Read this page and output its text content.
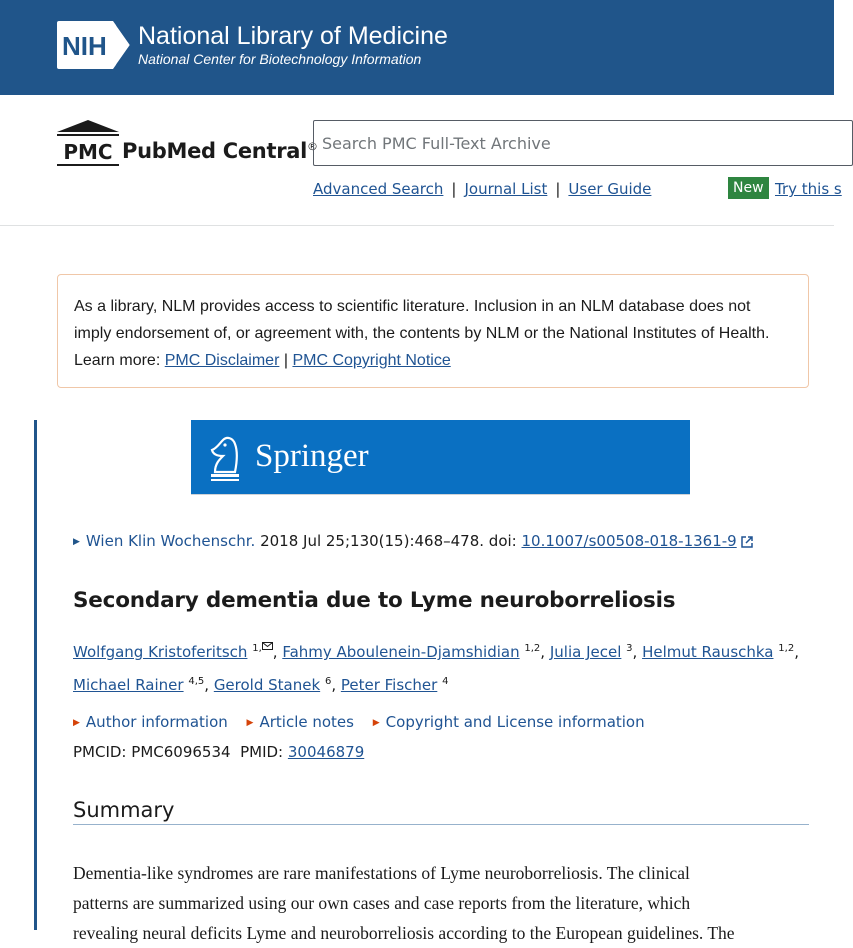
NIH National Library of Medicine
National Center for Biotechnology Information
PMC PubMed Central®
Search PMC Full-Text Archive
Advanced Search | Journal List | User Guide	New Try this s
As a library, NLM provides access to scientific literature. Inclusion in an NLM database does not imply endorsement of, or agreement with, the contents by NLM or the National Institutes of Health.
Learn more: PMC Disclaimer | PMC Copyright Notice
Springer
▶ Wien Klin Wochenschr. 2018 Jul 25;130(15):468–478. doi: 10.1007/s00508-018-1361-9
Secondary dementia due to Lyme neuroborreliosis
Wolfgang Kristoferitsch $^{1,}$ , Fahmy Aboulenein-Djamshidian $^{1,2}$, Julia Jecel $^3$, Helmut Rauschka $^{1,2}$, Michael Rainer $^{4,5}$, Gerold Stanek $^6$, Peter Fischer $^4$
▶ Author information ▶ Article notes ▶ Copyright and License information
PMCID: PMC6096534 PMID: 30046879
Summary

Dementia-like syndromes are rare manifestations of Lyme neuroborreliosis. The clinical
patterns are summarized using our own cases and case reports from the literature, which
revealing neural deficits Lyme and neuroborreliosis according to the European guidelines. The
